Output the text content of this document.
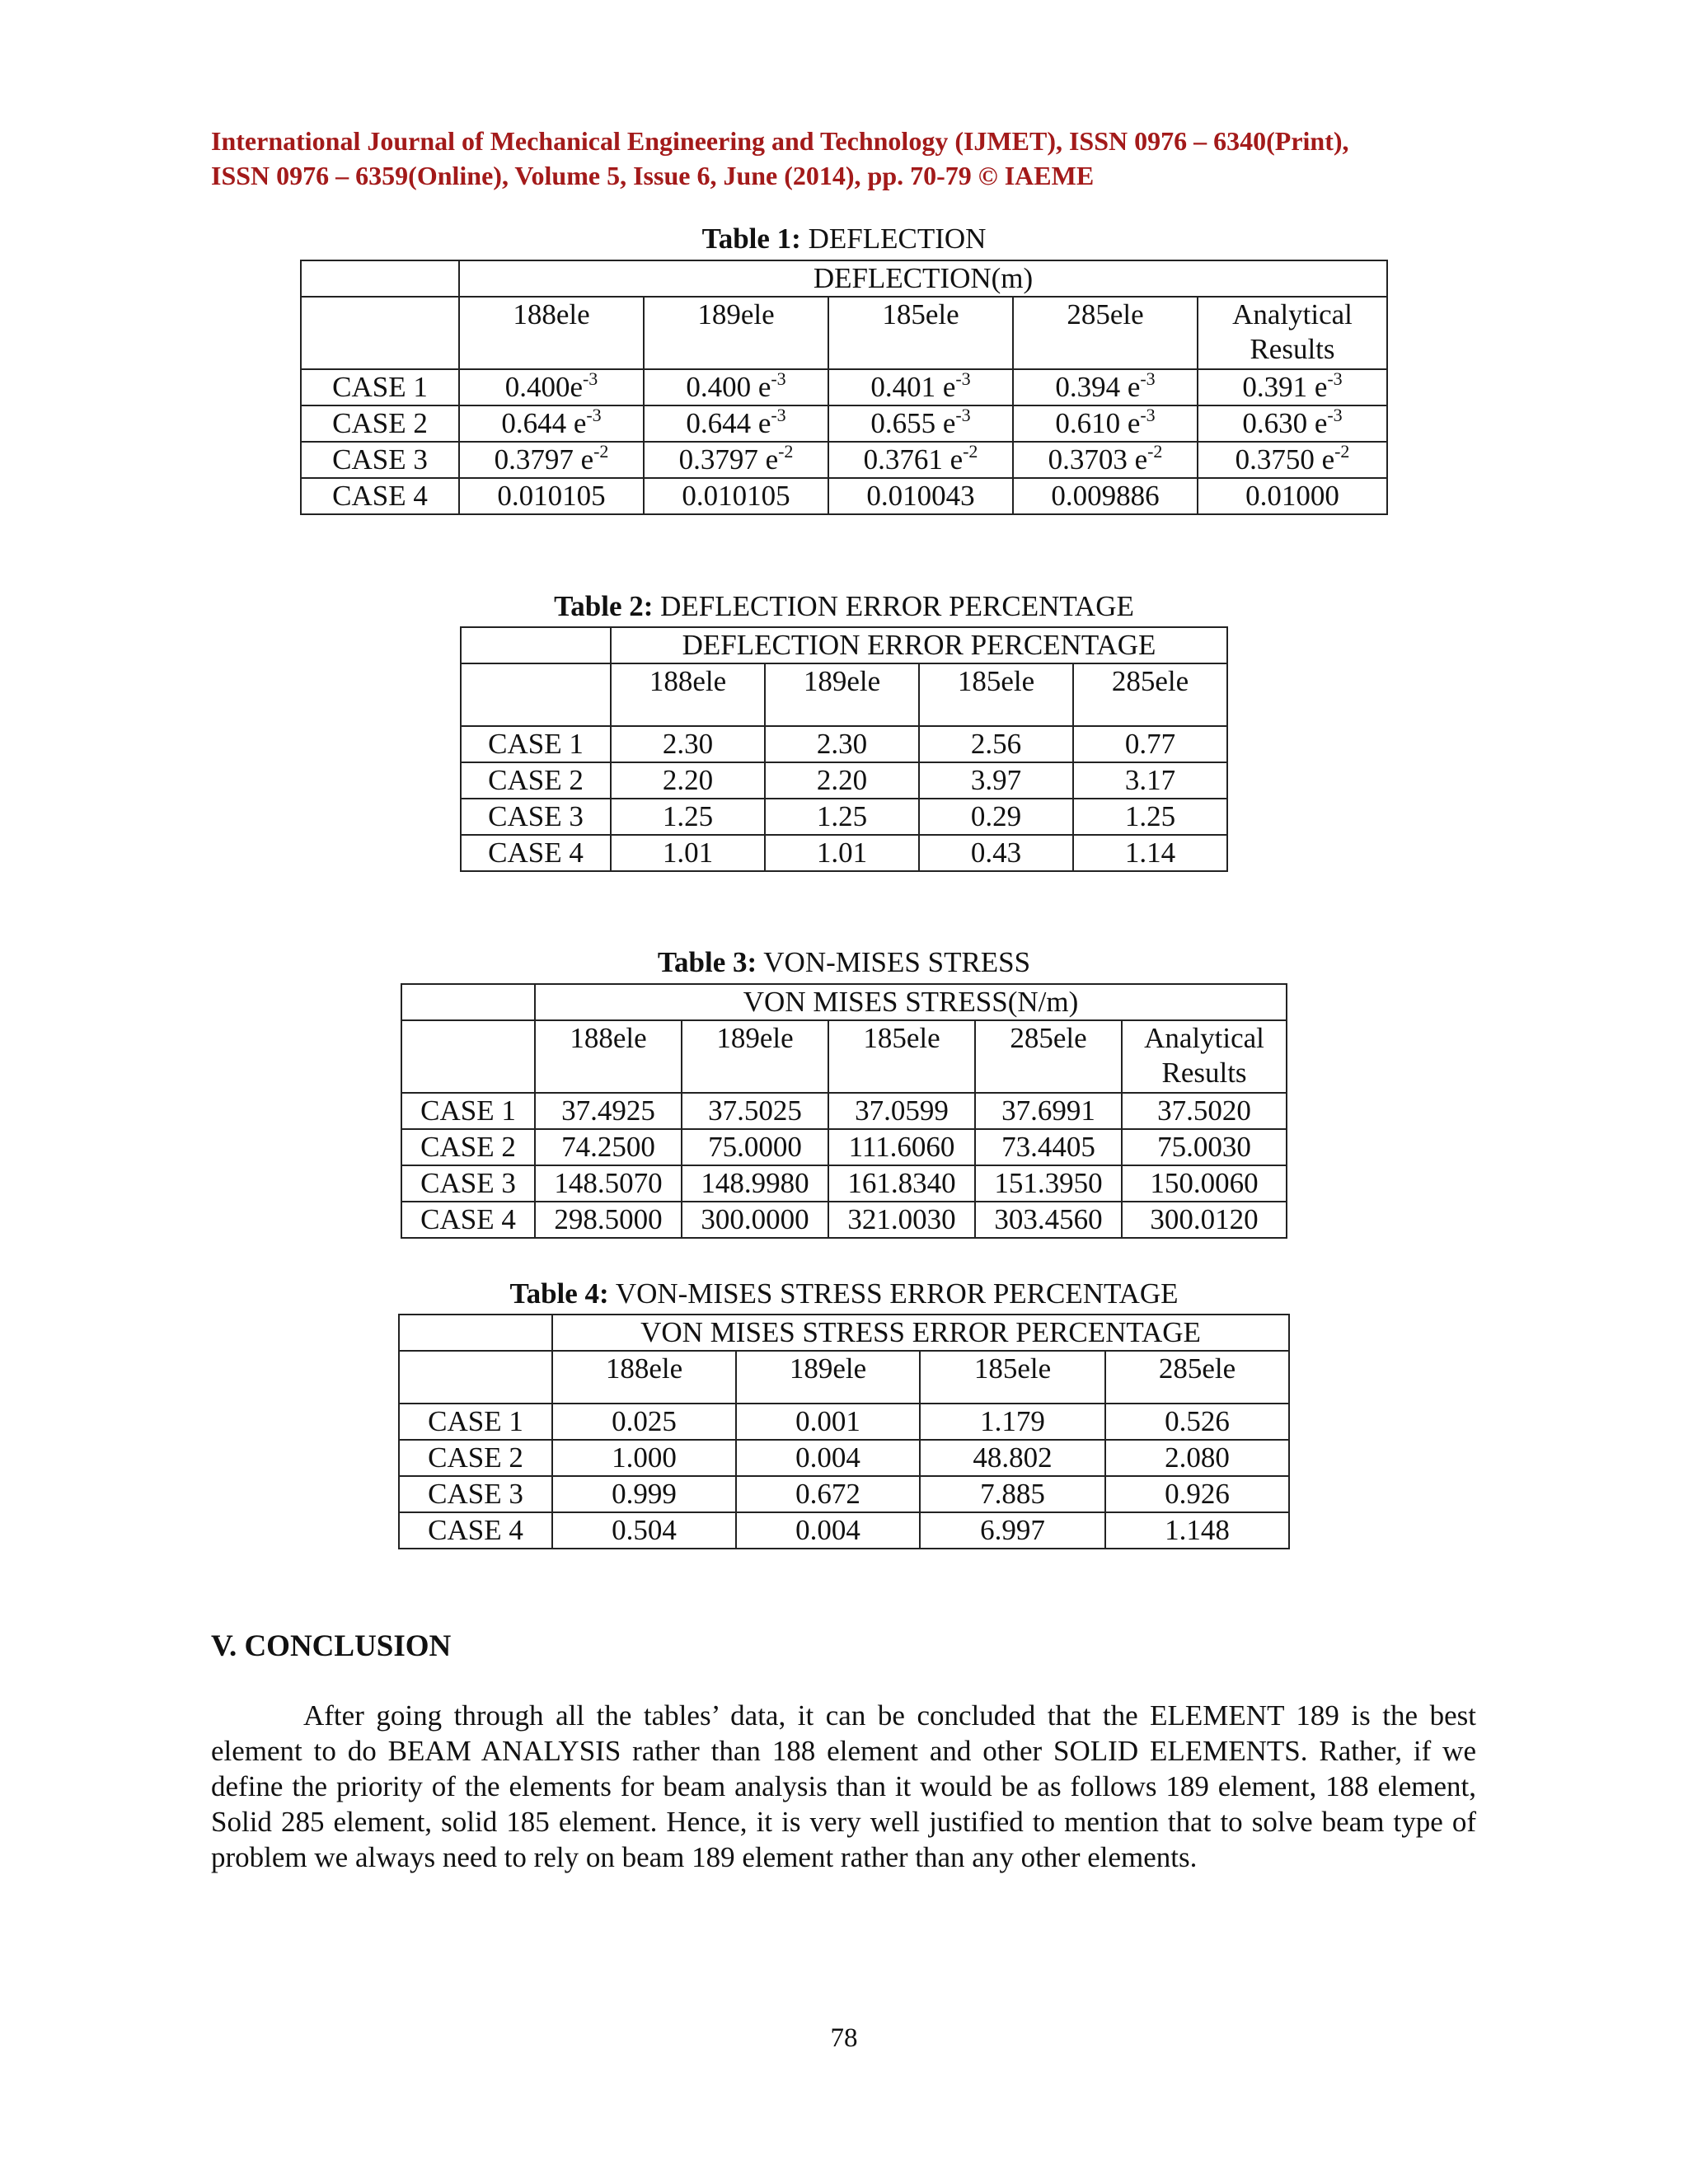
International Journal of Mechanical Engineering and Technology (IJMET), ISSN 0976 – 6340(Print),
ISSN 0976 – 6359(Online), Volume 5, Issue 6, June (2014), pp. 70-79 © IAEME
Table 1: DEFLECTION
	DEFLECTION(m)				
	188ele	189ele	185ele	285ele	Analytical Results
CASE 1	$0.400e^{-3}$	0.400 $e^{-3}$	0.401 $e^{-3}$	0.394 $e^{-3}$	0.391 $e^{-3}$
CASE 2	0.644 $e^{-3}$	0.644 $e^{-3}$	0.655 $e^{-3}$	0.610 $e^{-3}$	0.630 $e^{-3}$
CASE 3	0.3797 $e^{-2}$	0.3797 $e^{-2}$	0.3761 $e^{-2}$	0.3703 $e^{-2}$	0.3750 $e^{-2}$
CASE 4	0.010105	0.010105	0.010043	0.009886	0.01000
Table 2: DEFLECTION ERROR PERCENTAGE
	DEFLECTION ERROR PERCENTAGE			
	188ele	189ele	185ele	285ele
CASE 1	2.30	2.30	2.56	0.77
CASE 2	2.20	2.20	3.97	3.17
CASE 3	1.25	1.25	0.29	1.25
CASE 4	1.01	1.01	0.43	1.14
Table 3: VON-MISES STRESS
	VON MISES STRESS(N/m)				
	188ele	189ele	185ele	285ele	Analytical Results
CASE 1	37.4925	37.5025	37.0599	37.6991	37.5020
CASE 2	74.2500	75.0000	111.6060	73.4405	75.0030
CASE 3	148.5070	148.9980	161.8340	151.3950	150.0060
CASE 4	298.5000	300.0000	321.0030	303.4560	300.0120
Table 4: VON-MISES STRESS ERROR PERCENTAGE
	VON MISES STRESS ERROR PERCENTAGE			
	188ele	189ele	185ele	285ele
CASE 1	0.025	0.001	1.179	0.526
CASE 2	1.000	0.004	48.802	2.080
CASE 3	0.999	0.672	7.885	0.926
CASE 4	0.504	0.004	6.997	1.148
V. CONCLUSION
After going through all the tables’ data, it can be concluded that the ELEMENT 189 is the best element to do BEAM ANALYSIS rather than 188 element and other SOLID ELEMENTS. Rather, if we define the priority of the elements for beam analysis than it would be as follows 189 element, 188 element, Solid 285 element, solid 185 element. Hence, it is very well justified to mention that to solve beam type of problem we always need to rely on beam 189 element rather than any other elements.
78
